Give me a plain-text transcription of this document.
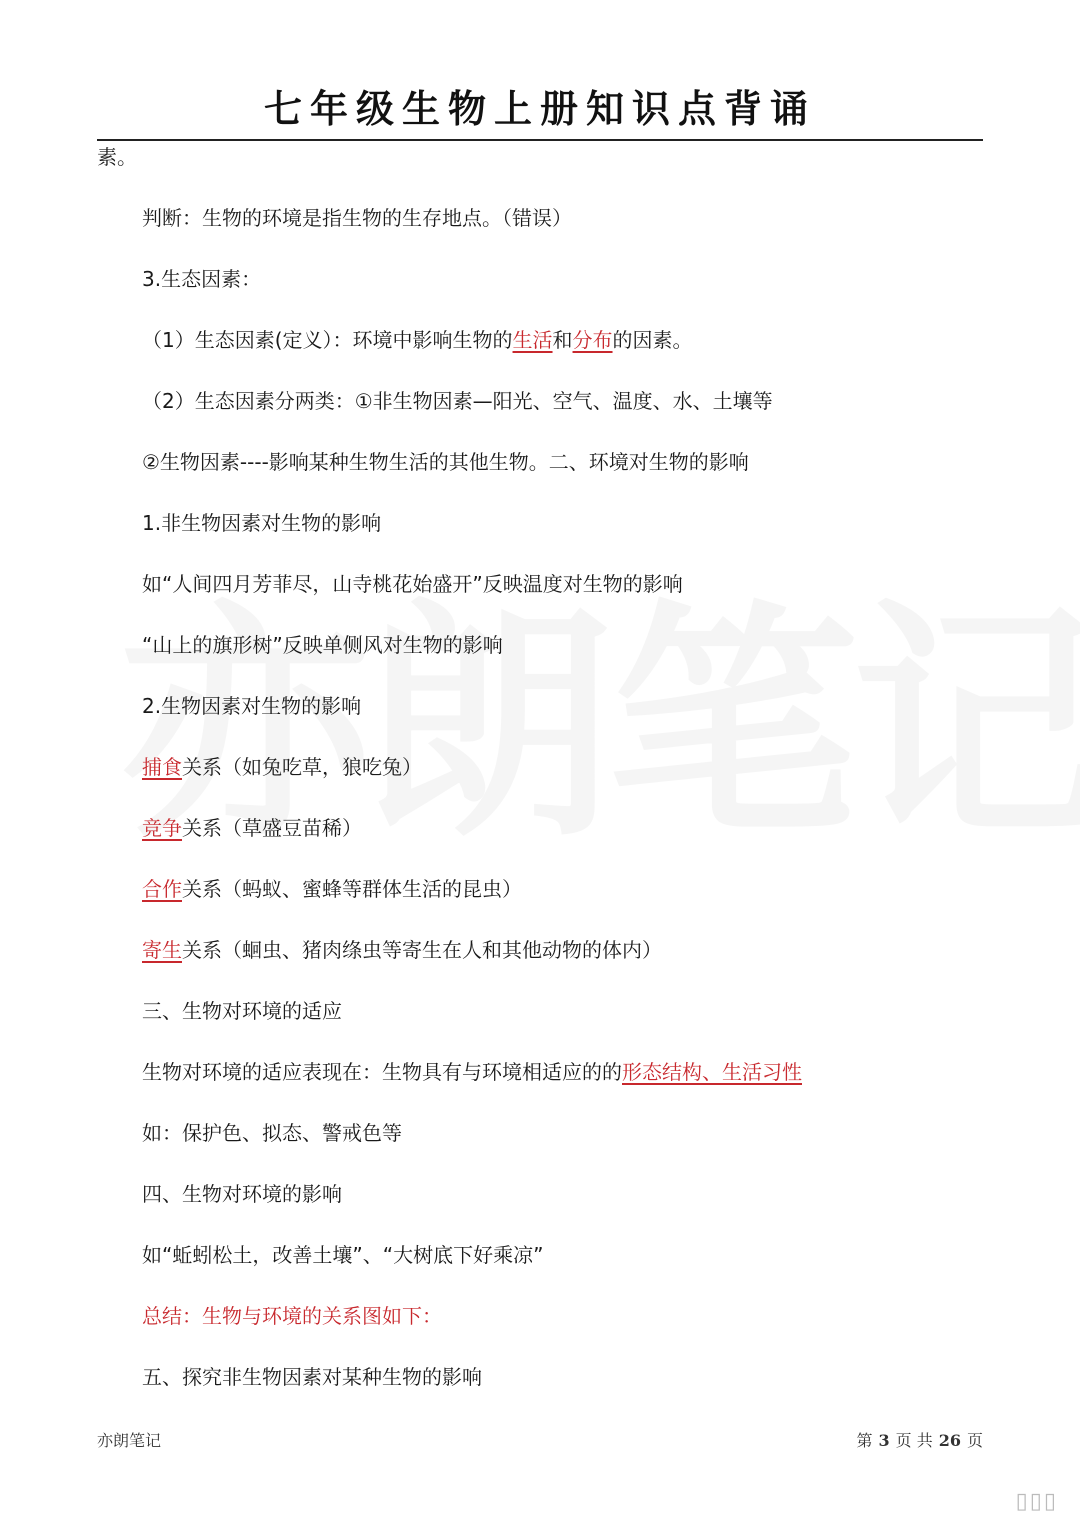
七年级生物上册知识点背诵
素。
判断：生物的环境是指生物的生存地点。（错误）
3.生态因素：
（1）生态因素(定义）：环境中影响生物的生活和分布的因素。
（2）生态因素分两类：①非生物因素—阳光、空气、温度、水、土壤等
②生物因素----影响某种生物生活的其他生物。二、环境对生物的影响
1.非生物因素对生物的影响
如“人间四月芳菲尽，山寺桃花始盛开”反映温度对生物的影响
“山上的旗形树”反映单侧风对生物的影响
2.生物因素对生物的影响
捕食关系（如兔吃草，狼吃兔）
竞争关系（草盛豆苗稀）
合作关系（蚂蚁、蜜蜂等群体生活的昆虫）
寄生关系（蛔虫、猪肉绦虫等寄生在人和其他动物的体内）
三、生物对环境的适应
生物对环境的适应表现在：生物具有与环境相适应的的形态结构、生活习性
如：保护色、拟态、警戒色等
四、生物对环境的影响
如“蚯蚓松土，改善土壤”、“大树底下好乘凉”
总结：生物与环境的关系图如下：
五、探究非生物因素对某种生物的影响
亦朗笔记	第 3 页 共 26 页
▯▯▯
